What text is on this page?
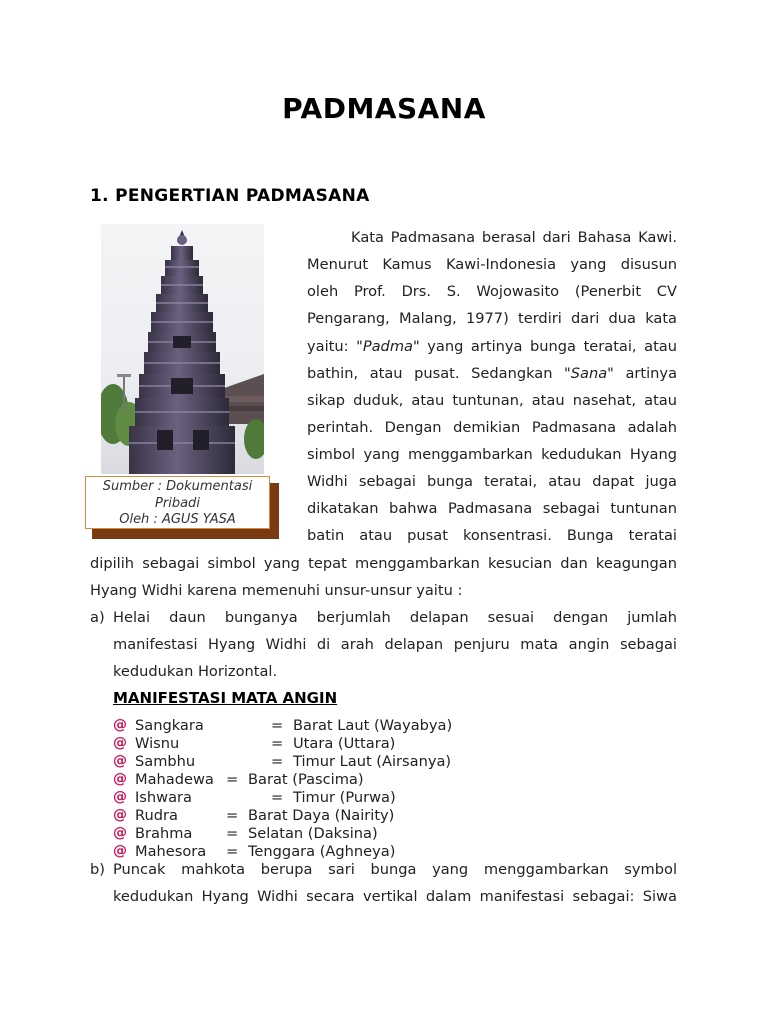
PADMASANA
1. PENGERTIAN PADMASANA
Sumber : Dokumentasi
Pribadi
Oleh : AGUS YASA
Kata Padmasana berasal dari Bahasa Kawi.
Menurut Kamus Kawi-Indonesia yang disusun
oleh Prof. Drs. S. Wojowasito (Penerbit CV
Pengarang, Malang, 1977) terdiri dari dua kata
yaitu: "Padma" yang artinya bunga teratai, atau
bathin, atau pusat. Sedangkan "Sana" artinya
sikap duduk, atau tuntunan, atau nasehat, atau
perintah. Dengan demikian Padmasana adalah
simbol yang menggambarkan kedudukan Hyang
Widhi sebagai bunga teratai, atau dapat juga
dikatakan bahwa Padmasana sebagai tuntunan
batin atau pusat konsentrasi. Bunga teratai
dipilih sebagai simbol yang tepat menggambarkan kesucian dan keagungan
Hyang Widhi karena memenuhi unsur-unsur yaitu :
a) Helai daun bunganya berjumlah delapan sesuai dengan jumlah
manifestasi Hyang Widhi di arah delapan penjuru mata angin sebagai
kedudukan Horizontal.
MANIFESTASI MATA ANGIN
@ Sangkara	= Barat Laut (Wayabya)
@ Wisnu	= Utara (Uttara)
@ Sambhu	= Timur Laut (Airsanya)
@ Mahadewa = Barat (Pascima)
@ Ishwara	= Timur (Purwa)
@ Rudra	= Barat Daya (Nairity)
@ Brahma = Selatan (Daksina)
@ Mahesora = Tenggara (Aghneya)
b) Puncak mahkota berupa sari bunga yang menggambarkan symbol
kedudukan Hyang Widhi secara vertikal dalam manifestasi sebagai: Siwa
